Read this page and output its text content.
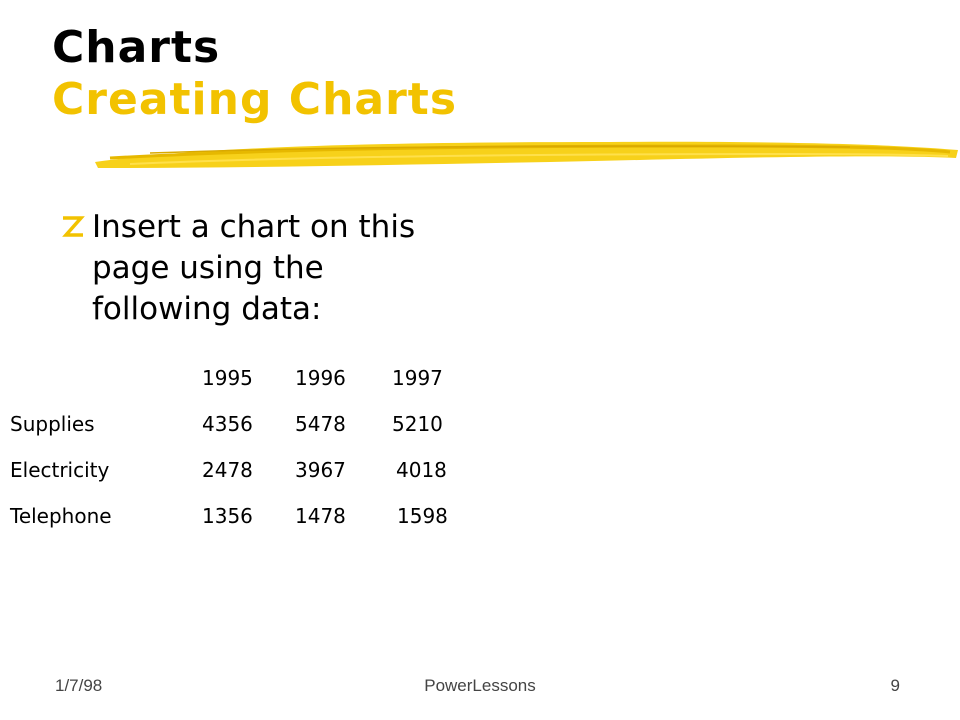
Charts
Creating Charts
Insert a chart on this page using the following data:
1995 1996 1997
Supplies	4356 5478 5210
Electricity	2478 3967	4018
Telephone	1356 1478	1598
1/7/98	PowerLessons	9
